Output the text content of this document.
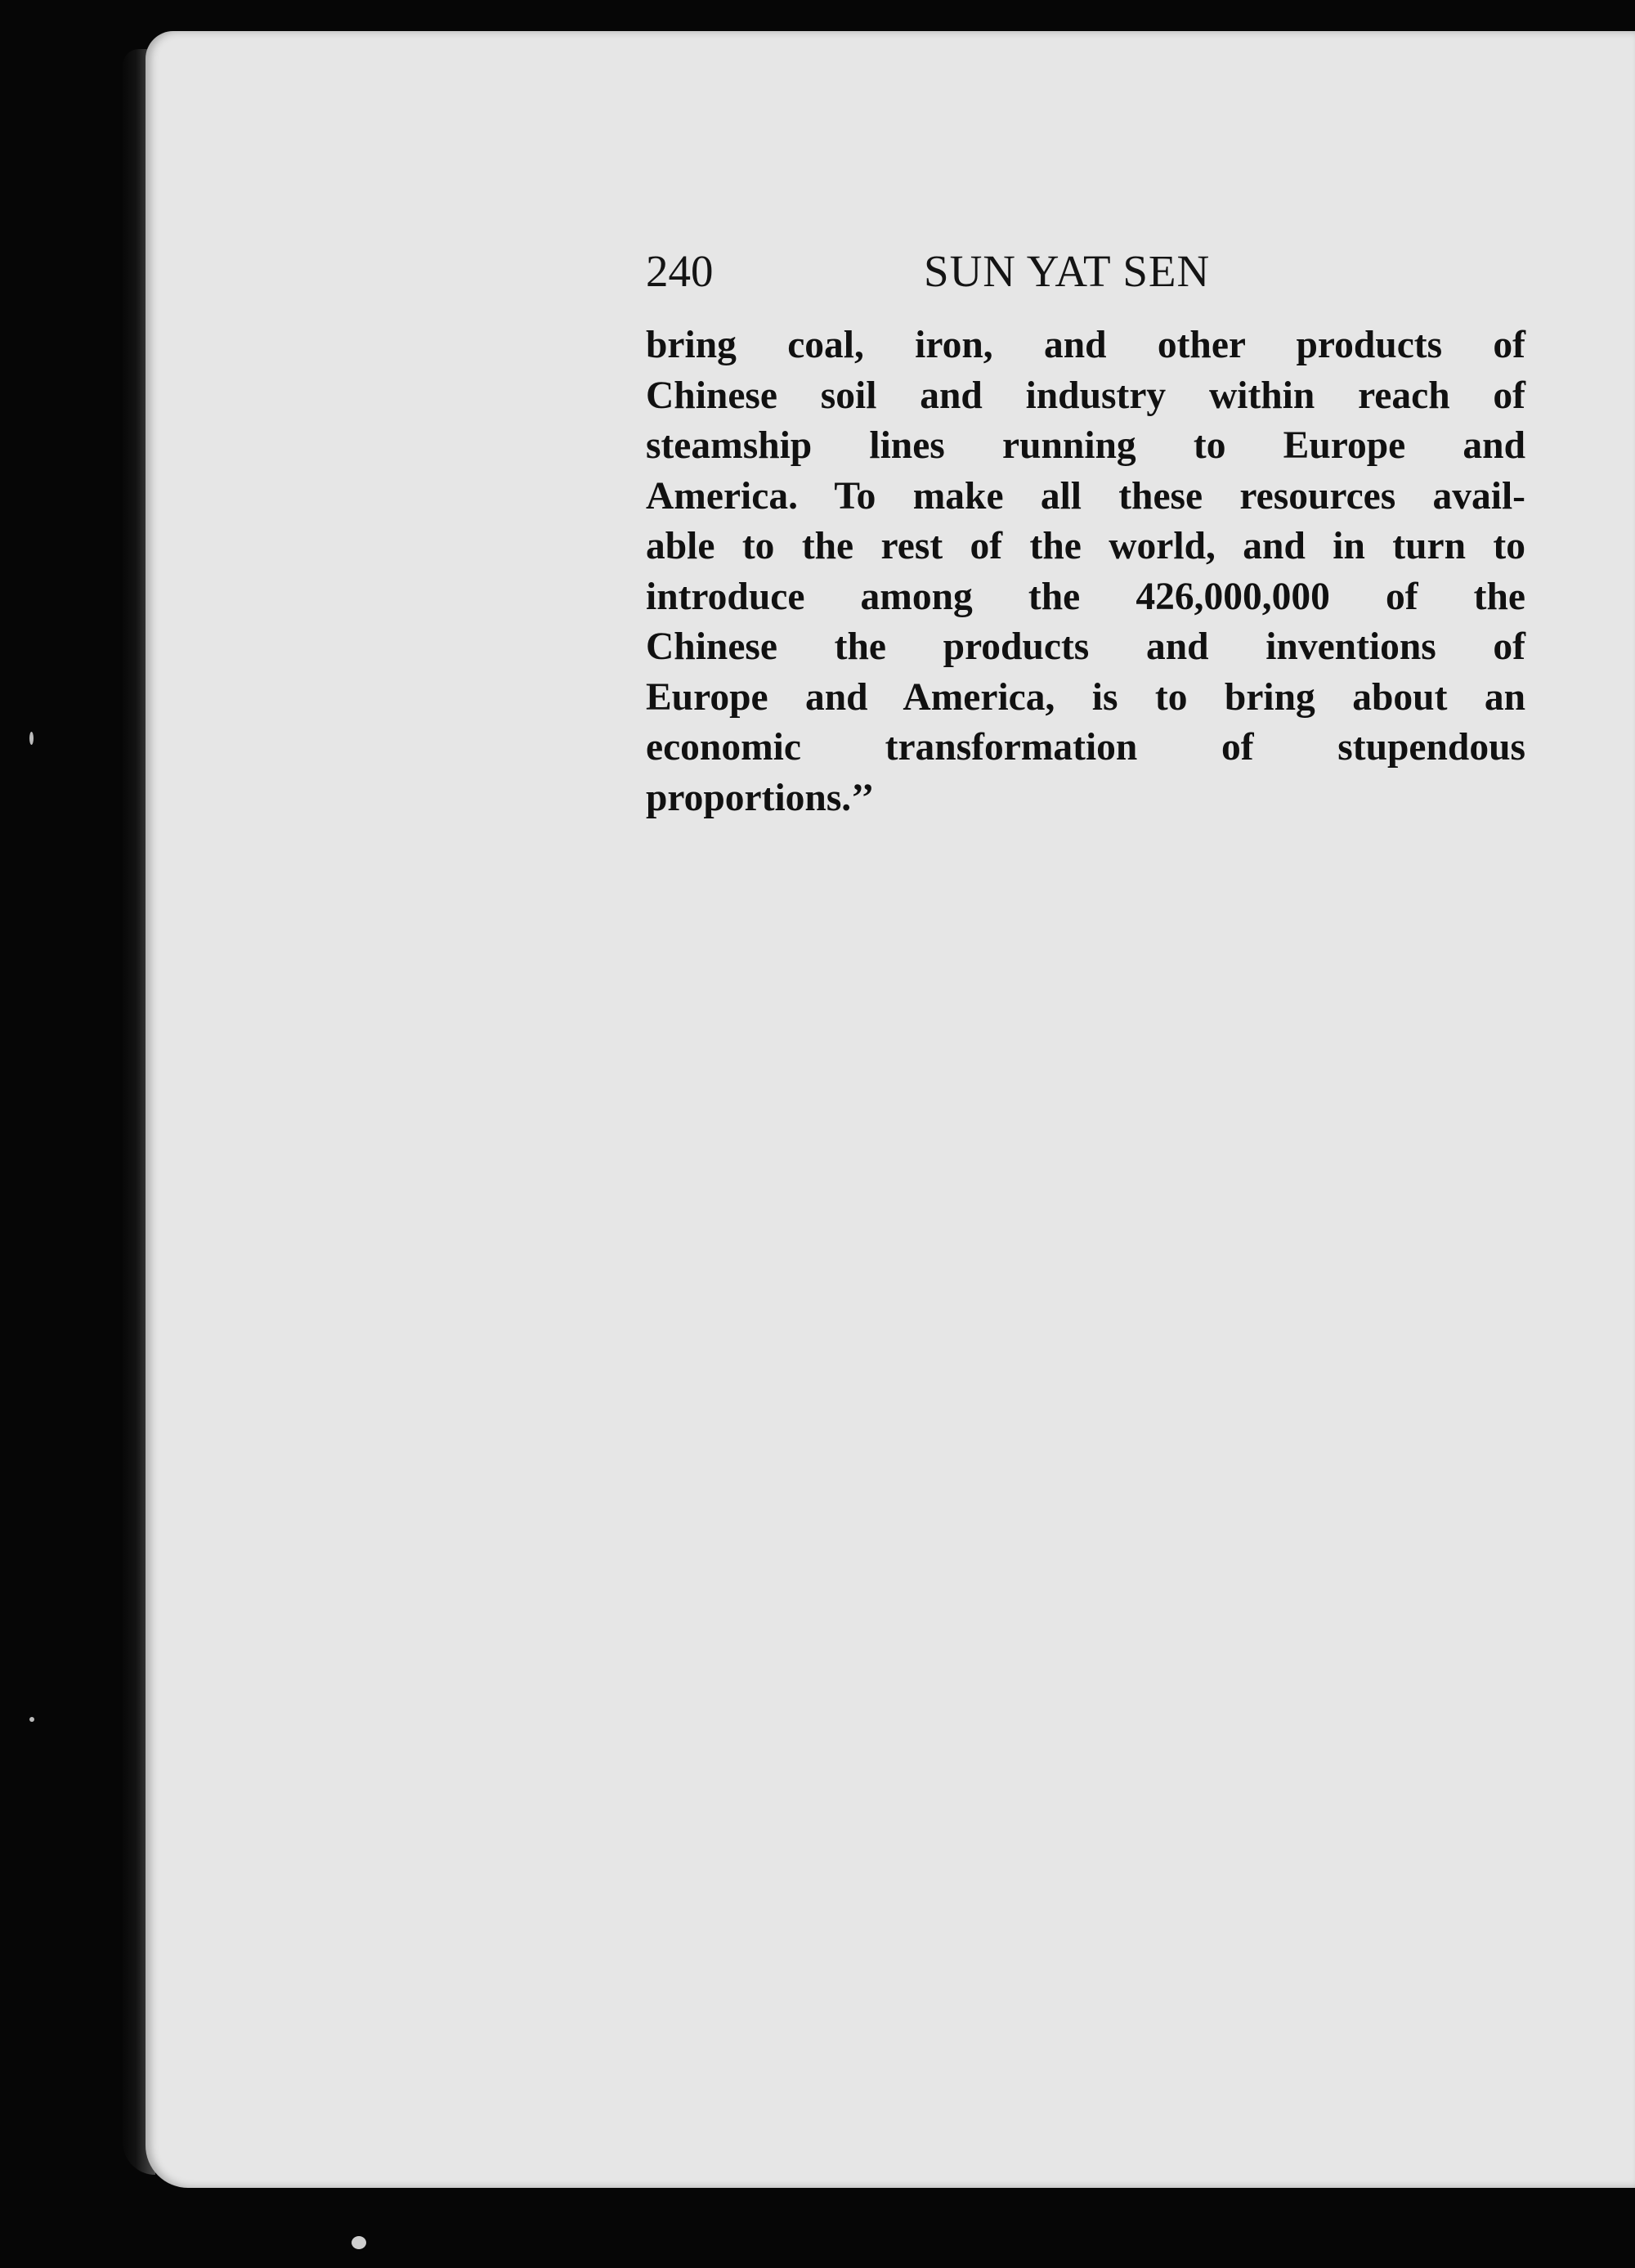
240	SUN YAT SEN
bring coal, iron, and other products of
Chinese soil and industry within reach of
steamship lines running to Europe and
America. To make all these resources avail-
able to the rest of the world, and in turn to
introduce among the 426,000,000 of the
Chinese the products and inventions of
Europe and America, is to bring about an
economic transformation of stupendous
proportions.’’
